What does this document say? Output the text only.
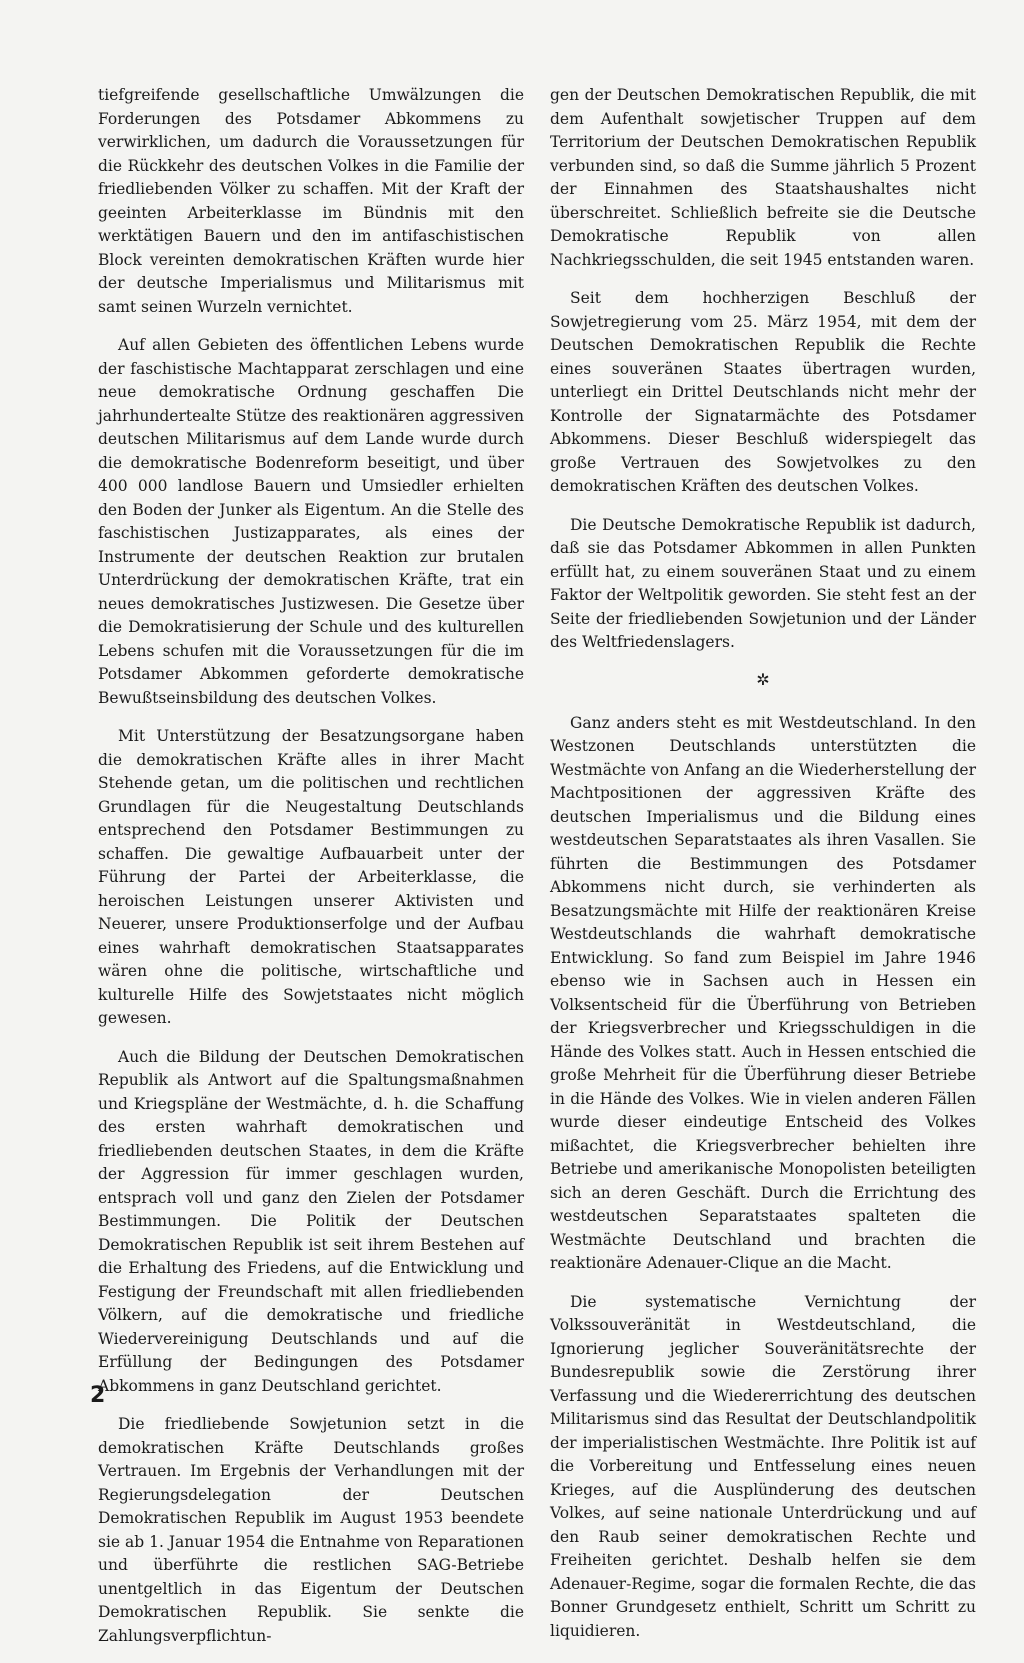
tiefgreifende gesellschaftliche Umwälzungen die Forderungen des Potsdamer Abkommens zu verwirklichen, um dadurch die Voraussetzungen für die Rückkehr des deutschen Volkes in die Familie der friedliebenden Völker zu schaffen. Mit der Kraft der geeinten Arbeiterklasse im Bündnis mit den werktätigen Bauern und den im antifaschistischen Block vereinten demokratischen Kräften wurde hier der deutsche Imperialismus und Militarismus mit samt seinen Wurzeln vernichtet.

Auf allen Gebieten des öffentlichen Lebens wurde der faschistische Machtapparat zerschlagen und eine neue demokratische Ordnung geschaffen Die jahrhundertealte Stütze des reaktionären aggressiven deutschen Militarismus auf dem Lande wurde durch die demokratische Bodenreform beseitigt, und über 400 000 landlose Bauern und Umsiedler erhielten den Boden der Junker als Eigentum. An die Stelle des faschistischen Justizapparates, als eines der Instrumente der deutschen Reaktion zur brutalen Unterdrückung der demokratischen Kräfte, trat ein neues demokratisches Justizwesen. Die Gesetze über die Demokratisierung der Schule und des kulturellen Lebens schufen mit die Voraussetzungen für die im Potsdamer Abkommen geforderte demokratische Bewußtseinsbildung des deutschen Volkes.

Mit Unterstützung der Besatzungsorgane haben die demokratischen Kräfte alles in ihrer Macht Stehende getan, um die politischen und rechtlichen Grundlagen für die Neugestaltung Deutschlands entsprechend den Potsdamer Bestimmungen zu schaffen. Die gewaltige Aufbauarbeit unter der Führung der Partei der Arbeiterklasse, die heroischen Leistungen unserer Aktivisten und Neuerer, unsere Produktionserfolge und der Aufbau eines wahrhaft demokratischen Staatsapparates wären ohne die politische, wirtschaftliche und kulturelle Hilfe des Sowjetstaates nicht möglich gewesen.

Auch die Bildung der Deutschen Demokratischen Republik als Antwort auf die Spaltungsmaßnahmen und Kriegspläne der Westmächte, d. h. die Schaffung des ersten wahrhaft demokratischen und friedliebenden deutschen Staates, in dem die Kräfte der Aggression für immer geschlagen wurden, entsprach voll und ganz den Zielen der Potsdamer Bestimmungen. Die Politik der Deutschen Demokratischen Republik ist seit ihrem Bestehen auf die Erhaltung des Friedens, auf die Entwicklung und Festigung der Freundschaft mit allen friedliebenden Völkern, auf die demokratische und friedliche Wiedervereinigung Deutschlands und auf die Erfüllung der Bedingungen des Potsdamer Abkommens in ganz Deutschland gerichtet.

Die friedliebende Sowjetunion setzt in die demokratischen Kräfte Deutschlands großes Vertrauen. Im Ergebnis der Verhandlungen mit der Regierungsdelegation der Deutschen Demokratischen Republik im August 1953 beendete sie ab 1. Januar 1954 die Entnahme von Reparationen und überführte die restlichen SAG-Betriebe unentgeltlich in das Eigentum der Deutschen Demokratischen Republik. Sie senkte die Zahlungsverpflichtun-

gen der Deutschen Demokratischen Republik, die mit dem Aufenthalt sowjetischer Truppen auf dem Territorium der Deutschen Demokratischen Republik verbunden sind, so daß die Summe jährlich 5 Prozent der Einnahmen des Staatshaushaltes nicht überschreitet. Schließlich befreite sie die Deutsche Demokratische Republik von allen Nachkriegsschulden, die seit 1945 entstanden waren.

Seit dem hochherzigen Beschluß der Sowjetregierung vom 25. März 1954, mit dem der Deutschen Demokratischen Republik die Rechte eines souveränen Staates übertragen wurden, unterliegt ein Drittel Deutschlands nicht mehr der Kontrolle der Signatarmächte des Potsdamer Abkommens. Dieser Beschluß widerspiegelt das große Vertrauen des Sowjetvolkes zu den demokratischen Kräften des deutschen Volkes.

Die Deutsche Demokratische Republik ist dadurch, daß sie das Potsdamer Abkommen in allen Punkten erfüllt hat, zu einem souveränen Staat und zu einem Faktor der Weltpolitik geworden. Sie steht fest an der Seite der friedliebenden Sowjetunion und der Länder des Weltfriedenslagers.

✲

Ganz anders steht es mit Westdeutschland. In den Westzonen Deutschlands unterstützten die Westmächte von Anfang an die Wiederherstellung der Machtpositionen der aggressiven Kräfte des deutschen Imperialismus und die Bildung eines westdeutschen Separatstaates als ihren Vasallen. Sie führten die Bestimmungen des Potsdamer Abkommens nicht durch, sie verhinderten als Besatzungsmächte mit Hilfe der reaktionären Kreise Westdeutschlands die wahrhaft demokratische Entwicklung. So fand zum Beispiel im Jahre 1946 ebenso wie in Sachsen auch in Hessen ein Volksentscheid für die Überführung von Betrieben der Kriegsverbrecher und Kriegsschuldigen in die Hände des Volkes statt. Auch in Hessen entschied die große Mehrheit für die Überführung dieser Betriebe in die Hände des Volkes. Wie in vielen anderen Fällen wurde dieser eindeutige Entscheid des Volkes mißachtet, die Kriegsverbrecher behielten ihre Betriebe und amerikanische Monopolisten beteiligten sich an deren Geschäft. Durch die Errichtung des westdeutschen Separatstaates spalteten die Westmächte Deutschland und brachten die reaktionäre Adenauer-Clique an die Macht.

Die systematische Vernichtung der Volkssouveränität in Westdeutschland, die Ignorierung jeglicher Souveränitätsrechte der Bundesrepublik sowie die Zerstörung ihrer Verfassung und die Wiedererrichtung des deutschen Militarismus sind das Resultat der Deutschlandpolitik der imperialistischen Westmächte. Ihre Politik ist auf die Vorbereitung und Entfesselung eines neuen Krieges, auf die Ausplünderung des deutschen Volkes, auf seine nationale Unterdrückung und auf den Raub seiner demokratischen Rechte und Freiheiten gerichtet. Deshalb helfen sie dem Adenauer-Regime, sogar die formalen Rechte, die das Bonner Grundgesetz enthielt, Schritt um Schritt zu liquidieren.

2
